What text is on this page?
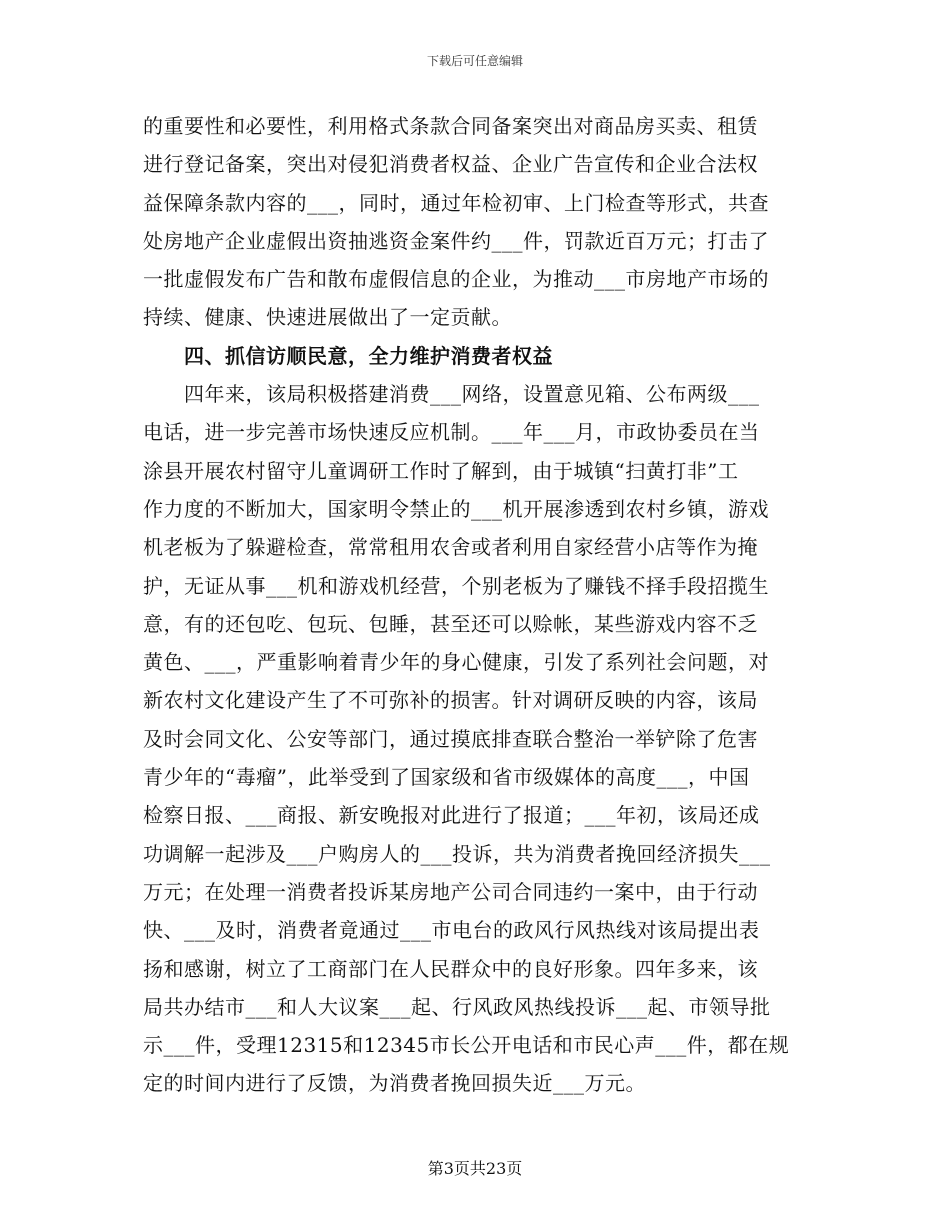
下载后可任意编辑
的重要性和必要性，利用格式条款合同备案突出对商品房买卖、租赁
进行登记备案，突出对侵犯消费者权益、企业广告宣传和企业合法权
益保障条款内容的___，同时，通过年检初审、上门检查等形式，共查
处房地产企业虚假出资抽逃资金案件约___件，罚款近百万元；打击了
一批虚假发布广告和散布虚假信息的企业，为推动___市房地产市场的
持续、健康、快速进展做出了一定贡献。
　　四、抓信访顺民意，全力维护消费者权益
　　四年来，该局积极搭建消费___网络，设置意见箱、公布两级___
电话，进一步完善市场快速反应机制。___年___月，市政协委员在当
涂县开展农村留守儿童调研工作时了解到，由于城镇“扫黄打非”工
作力度的不断加大，国家明令禁止的___机开展渗透到农村乡镇，游戏
机老板为了躲避检查，常常租用农舍或者利用自家经营小店等作为掩
护，无证从事___机和游戏机经营，个别老板为了赚钱不择手段招揽生
意，有的还包吃、包玩、包睡，甚至还可以赊帐，某些游戏内容不乏
黄色、___，严重影响着青少年的身心健康，引发了系列社会问题，对
新农村文化建设产生了不可弥补的损害。针对调研反映的内容，该局
及时会同文化、公安等部门，通过摸底排查联合整治一举铲除了危害
青少年的“毒瘤”，此举受到了国家级和省市级媒体的高度___，中国
检察日报、___商报、新安晚报对此进行了报道；___年初，该局还成
功调解一起涉及___户购房人的___投诉，共为消费者挽回经济损失___
万元；在处理一消费者投诉某房地产公司合同违约一案中，由于行动
快、___及时，消费者竟通过___市电台的政风行风热线对该局提出表
扬和感谢，树立了工商部门在人民群众中的良好形象。四年多来，该
局共办结市___和人大议案___起、行风政风热线投诉___起、市领导批
示___件，受理12315和12345市长公开电话和市民心声___件，都在规
定的时间内进行了反馈，为消费者挽回损失近___万元。
第3页共23页
